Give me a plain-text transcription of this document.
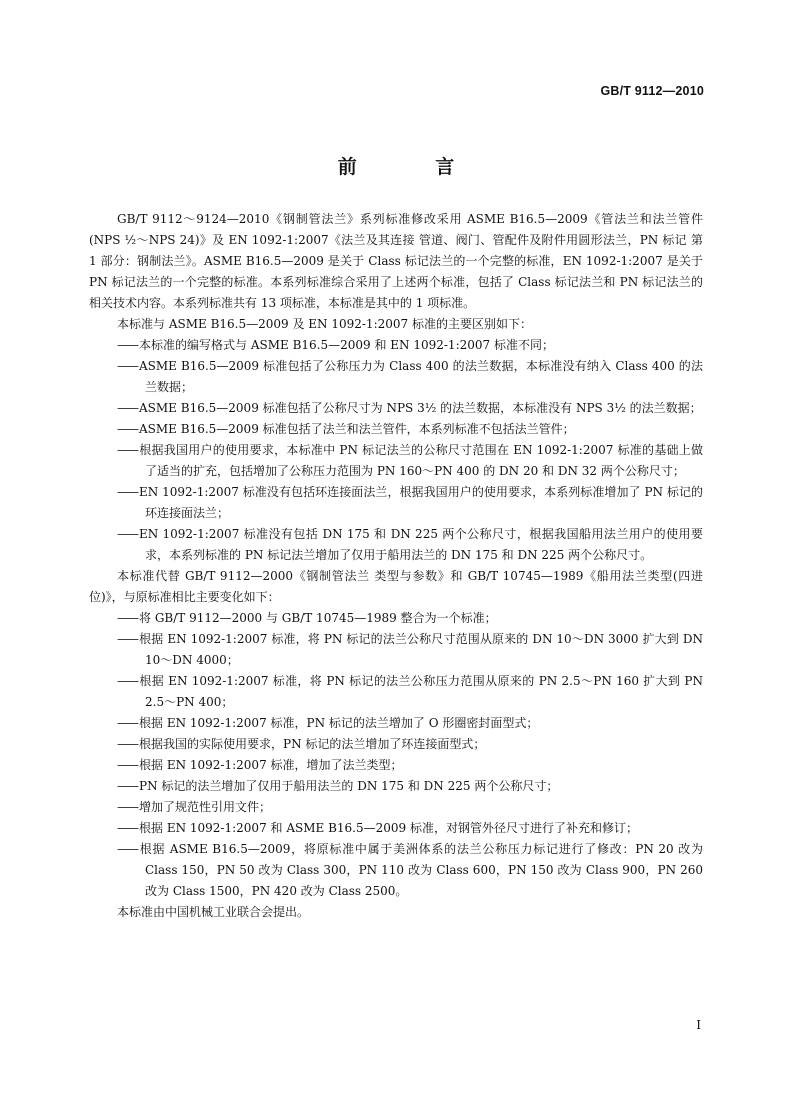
GB/T 9112—2010
前 言

GB/T 9112～9124—2010《钢制管法兰》系列标准修改采用 ASME B16.5—2009《管法兰和法兰管件(NPS ½～NPS 24)》及 EN 1092-1:2007《法兰及其连接 管道、阀门、管配件及附件用圆形法兰，PN 标记 第 1 部分：钢制法兰》。ASME B16.5—2009 是关于 Class 标记法兰的一个完整的标准，EN 1092-1:2007 是关于 PN 标记法兰的一个完整的标准。本系列标准综合采用了上述两个标准，包括了 Class 标记法兰和 PN 标记法兰的相关技术内容。本系列标准共有 13 项标准，本标准是其中的 1 项标准。

本标准与 ASME B16.5—2009 及 EN 1092-1:2007 标准的主要区别如下：

—— 本标准的编写格式与 ASME B16.5—2009 和 EN 1092-1:2007 标准不同；

—— ASME B16.5—2009 标准包括了公称压力为 Class 400 的法兰数据，本标准没有纳入 Class 400 的法兰数据；

—— ASME B16.5—2009 标准包括了公称尺寸为 NPS 3½ 的法兰数据，本标准没有 NPS 3½ 的法兰数据；

—— ASME B16.5—2009 标准包括了法兰和法兰管件，本系列标准不包括法兰管件；

—— 根据我国用户的使用要求，本标准中 PN 标记法兰的公称尺寸范围在 EN 1092-1:2007 标准的基础上做了适当的扩充，包括增加了公称压力范围为 PN 160～PN 400 的 DN 20 和 DN 32 两个公称尺寸；

—— EN 1092-1:2007 标准没有包括环连接面法兰，根据我国用户的使用要求，本系列标准增加了 PN 标记的环连接面法兰；

—— EN 1092-1:2007 标准没有包括 DN 175 和 DN 225 两个公称尺寸，根据我国船用法兰用户的使用要求，本系列标准的 PN 标记法兰增加了仅用于船用法兰的 DN 175 和 DN 225 两个公称尺寸。

本标准代替 GB/T 9112—2000《钢制管法兰 类型与参数》和 GB/T 10745—1989《船用法兰类型(四进位)》，与原标准相比主要变化如下：

—— 将 GB/T 9112—2000 与 GB/T 10745—1989 整合为一个标准；

—— 根据 EN 1092-1:2007 标准，将 PN 标记的法兰公称尺寸范围从原来的 DN 10～DN 3000 扩大到 DN 10～DN 4000；

—— 根据 EN 1092-1:2007 标准，将 PN 标记的法兰公称压力范围从原来的 PN 2.5～PN 160 扩大到 PN 2.5～PN 400；

—— 根据 EN 1092-1:2007 标准，PN 标记的法兰增加了 O 形圈密封面型式；

—— 根据我国的实际使用要求，PN 标记的法兰增加了环连接面型式；

—— 根据 EN 1092-1:2007 标准，增加了法兰类型；

—— PN 标记的法兰增加了仅用于船用法兰的 DN 175 和 DN 225 两个公称尺寸；

—— 增加了规范性引用文件；

—— 根据 EN 1092-1:2007 和 ASME B16.5—2009 标准，对钢管外径尺寸进行了补充和修订；

—— 根据 ASME B16.5—2009，将原标准中属于美洲体系的法兰公称压力标记进行了修改：PN 20 改为 Class 150，PN 50 改为 Class 300，PN 110 改为 Class 600，PN 150 改为 Class 900，PN 260 改为 Class 1500，PN 420 改为 Class 2500。

本标准由中国机械工业联合会提出。

I
